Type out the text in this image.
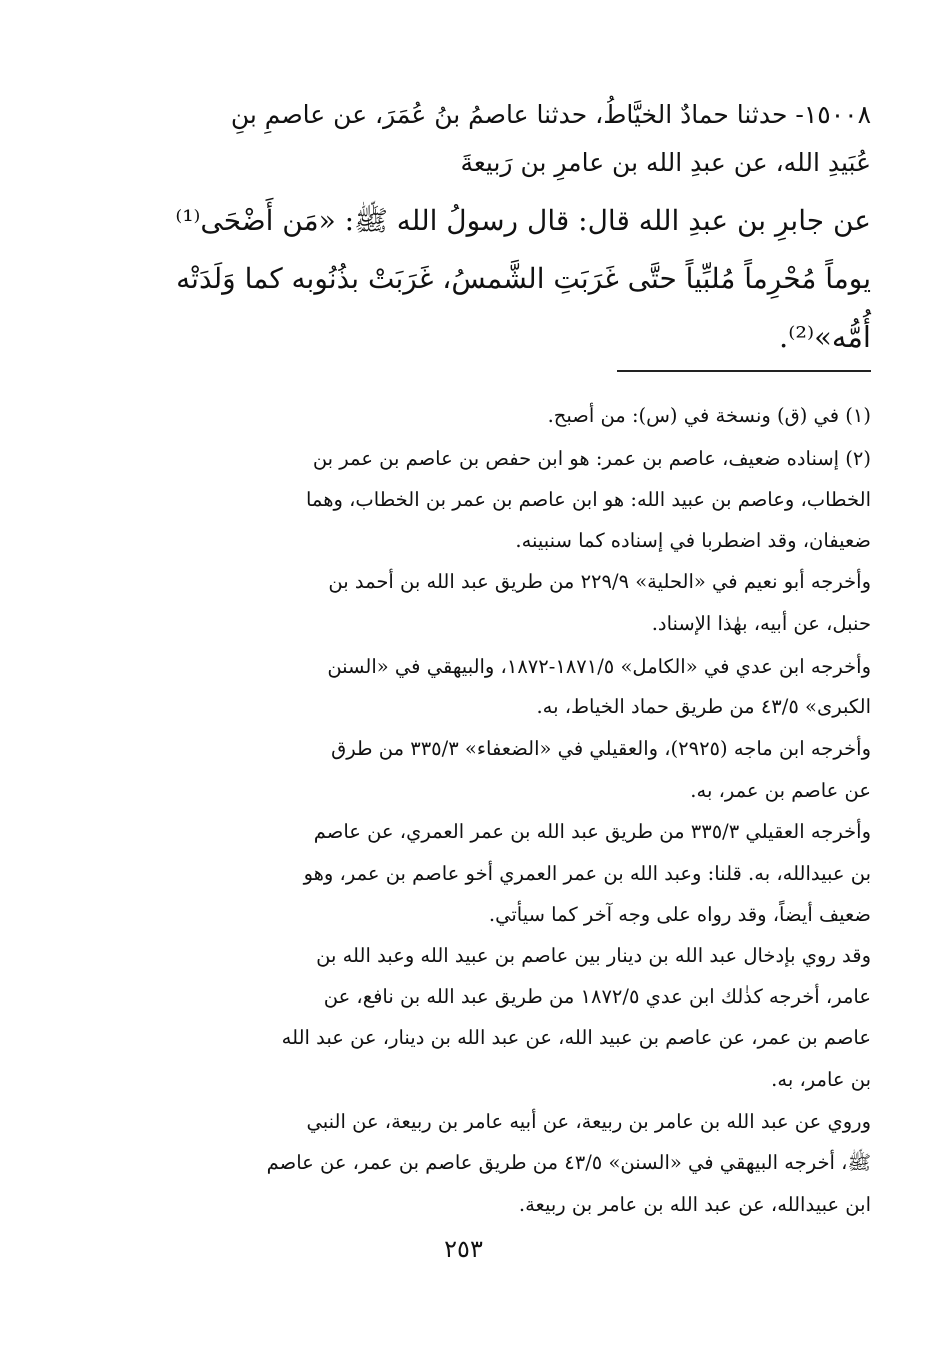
١٥٠٠٨- حدثنا حمادٌ الخيَّاطُ، حدثنا عاصمُ بنُ عُمَرَ، عن عاصمِ بنِ
عُبَيدِ الله، عن عبدِ الله بن عامرِ بن رَبيعةَ
عن جابرِ بن عبدِ الله قال: قال رسولُ الله ﷺ: «مَن أَضْحَى⁽¹⁾
يوماً مُحْرِماً مُلبِّياً حتَّى غَرَبَتِ الشَّمسُ، غَرَبَتْ بذُنُوبه كما وَلَدَتْه
أُمُّه»⁽²⁾.
(١) في (ق) ونسخة في (س): من أصبح.
(٢) إسناده ضعيف، عاصم بن عمر: هو ابن حفص بن عاصم بن عمر بن
الخطاب، وعاصم بن عبيد الله: هو ابن عاصم بن عمر بن الخطاب، وهما
ضعيفان، وقد اضطربا في إسناده كما سنبينه.
وأخرجه أبو نعيم في «الحلية» ٢٢٩/٩ من طريق عبد الله بن أحمد بن
حنبل، عن أبيه، بهٰذا الإسناد.
وأخرجه ابن عدي في «الكامل» ١٨٧١/٥-١٨٧٢، والبيهقي في «السنن
الكبرى» ٤٣/٥ من طريق حماد الخياط، به.
وأخرجه ابن ماجه (٢٩٢٥)، والعقيلي في «الضعفاء» ٣٣٥/٣ من طرق
عن عاصم بن عمر، به.
وأخرجه العقيلي ٣٣٥/٣ من طريق عبد الله بن عمر العمري، عن عاصم
بن عبيدالله، به. قلنا: وعبد الله بن عمر العمري أخو عاصم بن عمر، وهو
ضعيف أيضاً، وقد رواه على وجه آخر كما سيأتي.
وقد روي بإدخال عبد الله بن دينار بين عاصم بن عبيد الله وعبد الله بن
عامر، أخرجه كذٰلك ابن عدي ١٨٧٢/٥ من طريق عبد الله بن نافع، عن
عاصم بن عمر، عن عاصم بن عبيد الله، عن عبد الله بن دينار، عن عبد الله
بن عامر، به.
وروي عن عبد الله بن عامر بن ربيعة، عن أبيه عامر بن ربيعة، عن النبي
ﷺ، أخرجه البيهقي في «السنن» ٤٣/٥ من طريق عاصم بن عمر، عن عاصم
ابن عبيدالله، عن عبد الله بن عامر بن ربيعة.
٢٥٣
